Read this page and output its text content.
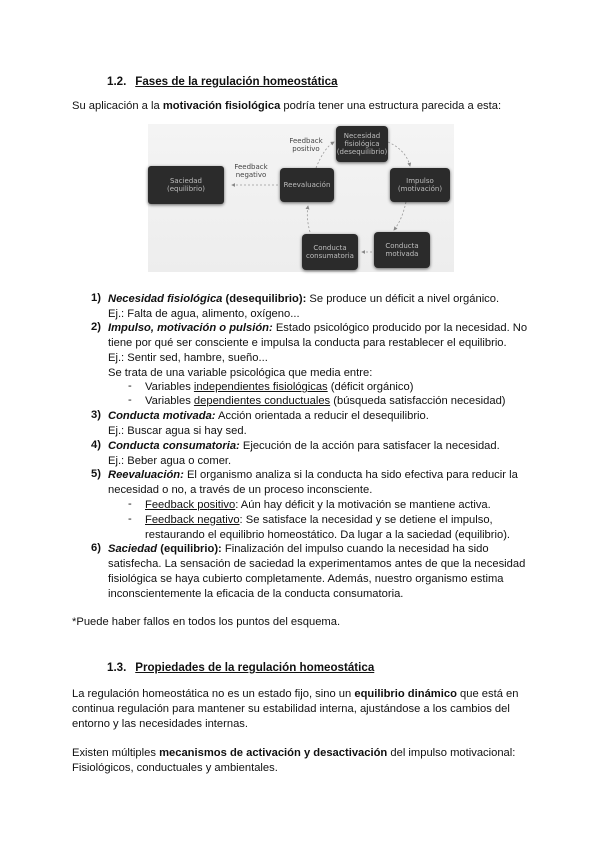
1.2. Fases de la regulación homeostática
Su aplicación a la motivación fisiológica podría tener una estructura parecida a esta:
Necesidad fisiológica (desequilibrio)
Impulso (motivación)
Conducta motivada
Conducta consumatoria
Reevaluación
Saciedad (equilibrio)
Feedback positivo
Feedback negativo
1) Necesidad fisiológica (desequilibrio): Se produce un déficit a nivel orgánico.
Ej.: Falta de agua, alimento, oxígeno...
2) Impulso, motivación o pulsión: Estado psicológico producido por la necesidad. No
tiene por qué ser consciente e impulsa la conducta para restablecer el equilibrio.
Ej.: Sentir sed, hambre, sueño...
Se trata de una variable psicológica que media entre:
- Variables independientes fisiológicas (déficit orgánico)
- Variables dependientes conductuales (búsqueda satisfacción necesidad)
3) Conducta motivada: Acción orientada a reducir el desequilibrio.
Ej.: Buscar agua si hay sed.
4) Conducta consumatoria: Ejecución de la acción para satisfacer la necesidad.
Ej.: Beber agua o comer.
5) Reevaluación: El organismo analiza si la conducta ha sido efectiva para reducir la
necesidad o no, a través de un proceso inconsciente.
- Feedback positivo: Aún hay déficit y la motivación se mantiene activa.
- Feedback negativo: Se satisface la necesidad y se detiene el impulso,
restaurando el equilibrio homeostático. Da lugar a la saciedad (equilibrio).
6) Saciedad (equilibrio): Finalización del impulso cuando la necesidad ha sido
satisfecha. La sensación de saciedad la experimentamos antes de que la necesidad
fisiológica se haya cubierto completamente. Además, nuestro organismo estima
inconscientemente la eficacia de la conducta consumatoria.
*Puede haber fallos en todos los puntos del esquema.
1.3. Propiedades de la regulación homeostática
La regulación homeostática no es un estado fijo, sino un equilibrio dinámico que está en
continua regulación para mantener su estabilidad interna, ajustándose a los cambios del
entorno y las necesidades internas.
Existen múltiples mecanismos de activación y desactivación del impulso motivacional:
Fisiológicos, conductuales y ambientales.
